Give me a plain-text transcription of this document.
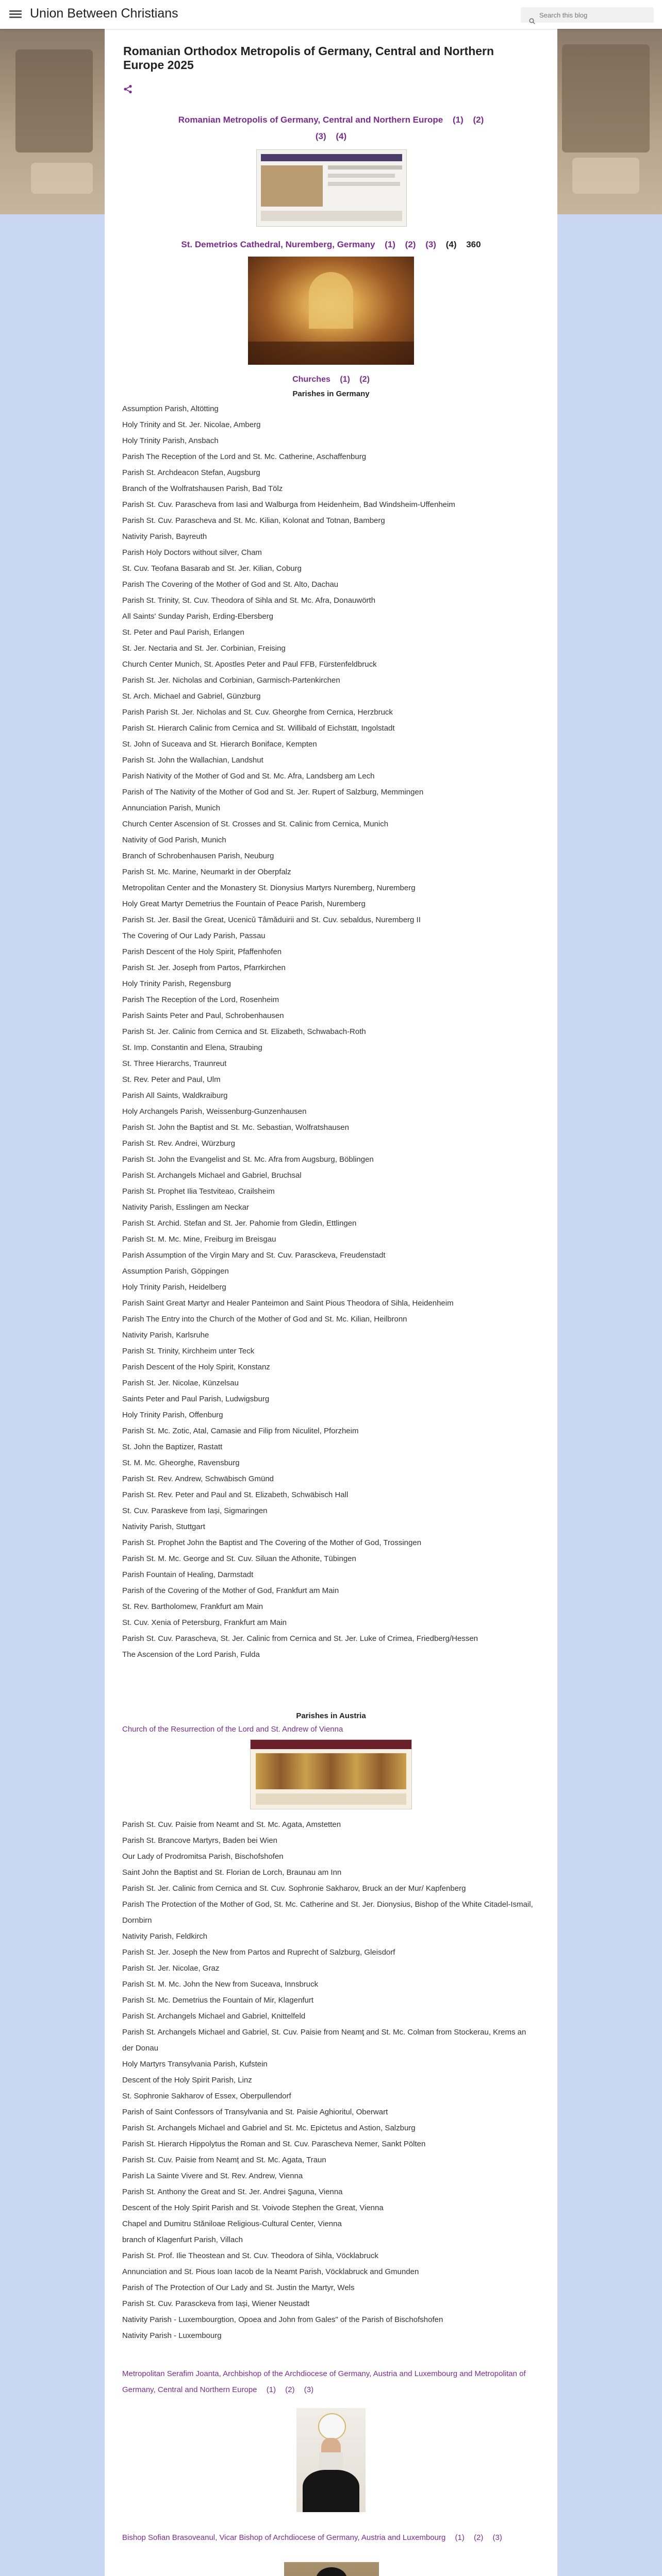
Union Between Christians
Search this blog
Romanian Orthodox Metropolis of Germany, Central and Northern Europe 2025
Romanian Metropolis of Germany, Central and Northern Europe (1) (2)
(3) (4)
St. Demetrios Cathedral, Nuremberg, Germany (1) (2) (3) (4) 360
Churches (1) (2)
Parishes in Germany
Assumption Parish, Altötting
Holy Trinity and St. Jer. Nicolae, Amberg
Holy Trinity Parish, Ansbach
Parish The Reception of the Lord and St. Mc. Catherine, Aschaffenburg
Parish St. Archdeacon Stefan, Augsburg
Branch of the Wolfratshausen Parish, Bad Tölz
Parish St. Cuv. Parascheva from Iasi and Walburga from Heidenheim, Bad Windsheim-Uffenheim
Parish St. Cuv. Parascheva and St. Mc. Kilian, Kolonat and Totnan, Bamberg
Nativity Parish, Bayreuth
Parish Holy Doctors without silver, Cham
St. Cuv. Teofana Basarab and St. Jer. Kilian, Coburg
Parish The Covering of the Mother of God and St. Alto, Dachau
Parish St. Trinity, St. Cuv. Theodora of Sihla and St. Mc. Afra, Donauwörth
All Saints' Sunday Parish, Erding-Ebersberg
St. Peter and Paul Parish, Erlangen
St. Jer. Nectaria and St. Jer. Corbinian, Freising
Church Center Munich, St. Apostles Peter and Paul FFB, Fürstenfeldbruck
Parish St. Jer. Nicholas and Corbinian, Garmisch-Partenkirchen
St. Arch. Michael and Gabriel, Günzburg
Parish Parish St. Jer. Nicholas and St. Cuv. Gheorghe from Cernica, Herzbruck
Parish St. Hierarch Calinic from Cernica and St. Willibald of Eichstätt, Ingolstadt
St. John of Suceava and St. Hierarch Boniface, Kempten
Parish St. John the Wallachian, Landshut
Parish Nativity of the Mother of God and St. Mc. Afra, Landsberg am Lech
Parish of The Nativity of the Mother of God and St. Jer. Rupert of Salzburg, Memmingen
Annunciation Parish, Munich
Church Center Ascension of St. Crosses and St. Calinic from Cernica, Munich
Nativity of God Parish, Munich
Branch of Schrobenhausen Parish, Neuburg
Parish St. Mc. Marine, Neumarkt in der Oberpfalz
Metropolitan Center and the Monastery St. Dionysius Martyrs Nuremberg, Nuremberg
Holy Great Martyr Demetrius the Fountain of Peace Parish, Nuremberg
Parish St. Jer. Basil the Great, Ucenicǔ Tâmăduirii and St. Cuv. sebaldus, Nuremberg II
The Covering of Our Lady Parish, Passau
Parish Descent of the Holy Spirit, Pfaffenhofen
Parish St. Jer. Joseph from Partos, Pfarrkirchen
Holy Trinity Parish, Regensburg
Parish The Reception of the Lord, Rosenheim
Parish Saints Peter and Paul, Schrobenhausen
Parish St. Jer. Calinic from Cernica and St. Elizabeth, Schwabach-Roth
St. Imp. Constantin and Elena, Straubing
St. Three Hierarchs, Traunreut
St. Rev. Peter and Paul, Ulm
Parish All Saints, Waldkraiburg
Holy Archangels Parish, Weissenburg-Gunzenhausen
Parish St. John the Baptist and St. Mc. Sebastian, Wolfratshausen
Parish St. Rev. Andrei, Würzburg
Parish St. John the Evangelist and St. Mc. Afra from Augsburg, Böblingen
Parish St. Archangels Michael and Gabriel, Bruchsal
Parish St. Prophet Ilia Testviteao, Crailsheim
Nativity Parish, Esslingen am Neckar
Parish St. Archid. Stefan and St. Jer. Pahomie from Gledin, Ettlingen
Parish St. M. Mc. Mine, Freiburg im Breisgau
Parish Assumption of the Virgin Mary and St. Cuv. Parasckeva, Freudenstadt
Assumption Parish, Göppingen
Holy Trinity Parish, Heidelberg
Parish Saint Great Martyr and Healer Panteimon and Saint Pious Theodora of Sihla, Heidenheim
Parish The Entry into the Church of the Mother of God and St. Mc. Kilian, Heilbronn
Nativity Parish, Karlsruhe
Parish St. Trinity, Kirchheim unter Teck
Parish Descent of the Holy Spirit, Konstanz
Parish St. Jer. Nicolae, Künzelsau
Saints Peter and Paul Parish, Ludwigsburg
Holy Trinity Parish, Offenburg
Parish St. Mc. Zotic, Atal, Camasie and Filip from Niculitel, Pforzheim
St. John the Baptizer, Rastatt
St. M. Mc. Gheorghe, Ravensburg
Parish St. Rev. Andrew, Schwäbisch Gmünd
Parish St. Rev. Peter and Paul and St. Elizabeth, Schwäbisch Hall
St. Cuv. Paraskeve from Iași, Sigmaringen
Nativity Parish, Stuttgart
Parish St. Prophet John the Baptist and The Covering of the Mother of God, Trossingen
Parish St. M. Mc. George and St. Cuv. Siluan the Athonite, Tübingen
Parish Fountain of Healing, Darmstadt
Parish of the Covering of the Mother of God, Frankfurt am Main
St. Rev. Bartholomew, Frankfurt am Main
St. Cuv. Xenia of Petersburg, Frankfurt am Main
Parish St. Cuv. Parascheva, St. Jer. Calinic from Cernica and St. Jer. Luke of Crimea, Friedberg/Hessen
The Ascension of the Lord Parish, Fulda
Parishes in Austria
Church of the Resurrection of the Lord and St. Andrew of Vienna
Parish St. Cuv. Paisie from Neamt and St. Mc. Agata, Amstetten
Parish St. Brancove Martyrs, Baden bei Wien
Our Lady of Prodromitsa Parish, Bischofshofen
Saint John the Baptist and St. Florian de Lorch, Braunau am Inn
Parish St. Jer. Calinic from Cernica and St. Cuv. Sophronie Sakharov, Bruck an der Mur/ Kapfenberg
Parish The Protection of the Mother of God, St. Mc. Catherine and St. Jer. Dionysius, Bishop of the White Citadel-Ismail, Dornbirn
Nativity Parish, Feldkirch
Parish St. Jer. Joseph the New from Partos and Ruprecht of Salzburg, Gleisdorf
Parish St. Jer. Nicolae, Graz
Parish St. M. Mc. John the New from Suceava, Innsbruck
Parish St. Mc. Demetrius the Fountain of Mir, Klagenfurt
Parish St. Archangels Michael and Gabriel, Knittelfeld
Parish St. Archangels Michael and Gabriel, St. Cuv. Paisie from Neamţ and St. Mc. Colman from Stockerau, Krems an der Donau
Holy Martyrs Transylvania Parish, Kufstein
Descent of the Holy Spirit Parish, Linz
St. Sophronie Sakharov of Essex, Oberpullendorf
Parish of Saint Confessors of Transylvania and St. Paisie Aghioritul, Oberwart
Parish St. Archangels Michael and Gabriel and St. Mc. Epictetus and Astion, Salzburg
Parish St. Hierarch Hippolytus the Roman and St. Cuv. Parascheva Nemer, Sankt Pölten
Parish St. Cuv. Paisie from Neamț and St. Mc. Agata, Traun
Parish La Sainte Vivere and St. Rev. Andrew, Vienna
Parish St. Anthony the Great and St. Jer. Andrei Şaguna, Vienna
Descent of the Holy Spirit Parish and St. Voivode Stephen the Great, Vienna
Chapel and Dumitru Stăniloae Religious-Cultural Center, Vienna
branch of Klagenfurt Parish, Villach
Parish St. Prof. Ilie Theostean and St. Cuv. Theodora of Sihla, Vöcklabruck
Annunciation and St. Pious Ioan Iacob de la Neamt Parish, Vöcklabruck and Gmunden
Parish of The Protection of Our Lady and St. Justin the Martyr, Wels
Parish St. Cuv. Parasckeva from Iași, Wiener Neustadt
Nativity Parish - Luxembourgtion, Opoea and John from Gales" of the Parish of Bischofshofen
Nativity Parish - Luxembourg
Metropolitan Serafim Joanta, Archbishop of the Archdiocese of Germany, Austria and Luxembourg and Metropolitan of Germany, Central and Northern Europe (1) (2) (3)
Bishop Sofian Brasoveanul, Vicar Bishop of Archdiocese of Germany, Austria and Luxembourg (1) (2) (3)
